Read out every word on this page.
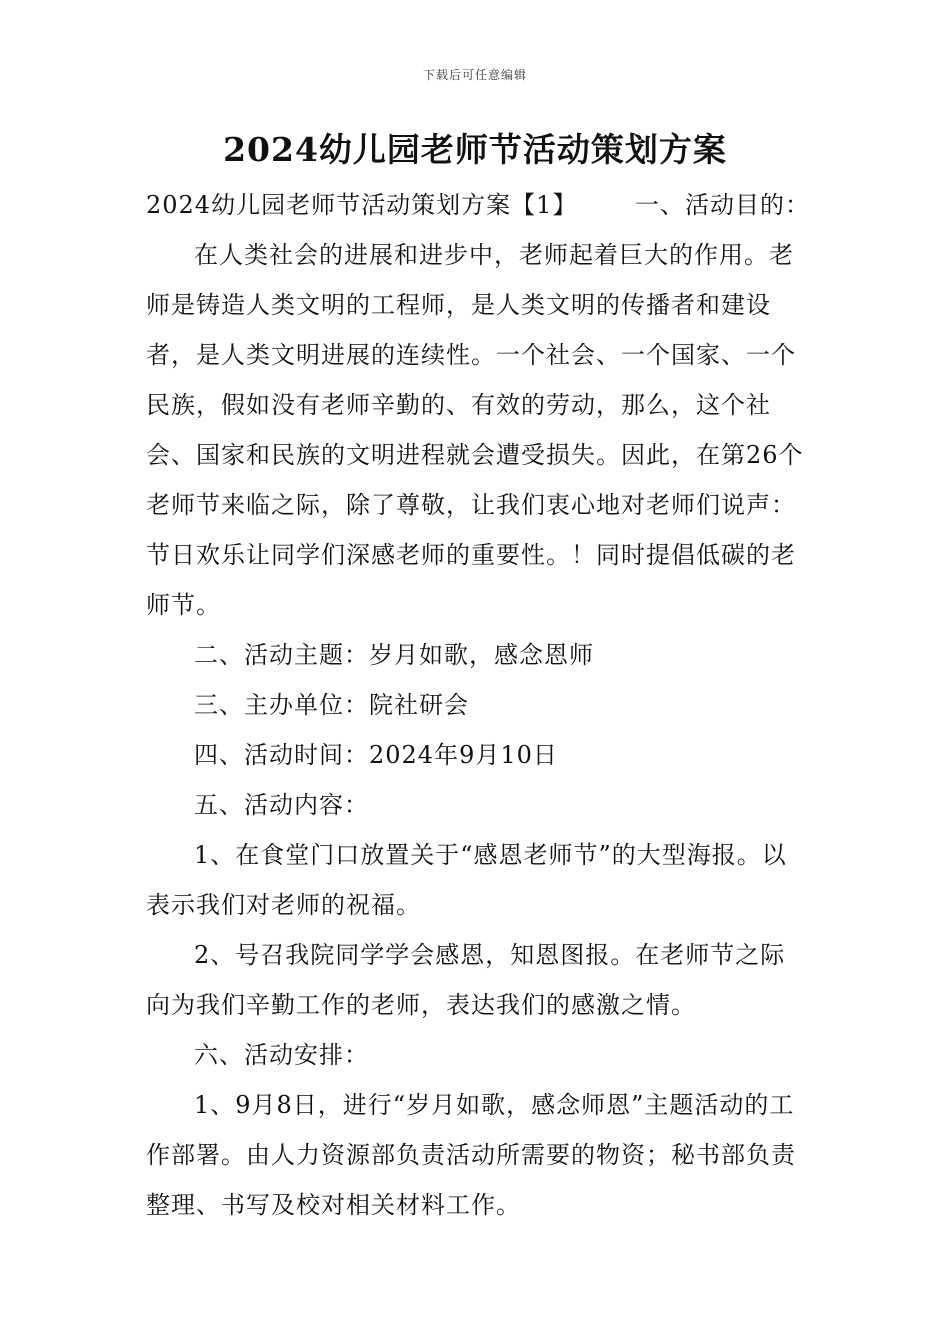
下载后可任意编辑
2024幼儿园老师节活动策划方案

2024幼儿园老师节活动策划方案【1】 一、活动目的：

在人类社会的进展和进步中，老师起着巨大的作用。老师是铸造人类文明的工程师，是人类文明的传播者和建设者，是人类文明进展的连续性。一个社会、一个国家、一个民族，假如没有老师辛勤的、有效的劳动，那么，这个社会、国家和民族的文明进程就会遭受损失。因此，在第26个老师节来临之际，除了尊敬，让我们衷心地对老师们说声：节日欢乐让同学们深感老师的重要性。！同时提倡低碳的老师节。

二、活动主题：岁月如歌，感念恩师

三、主办单位：院社研会

四、活动时间：2024年9月10日

五、活动内容：

1、在食堂门口放置关于“感恩老师节”的大型海报。以表示我们对老师的祝福。

2、号召我院同学学会感恩，知恩图报。在老师节之际向为我们辛勤工作的老师，表达我们的感激之情。

六、活动安排：

1、9月8日，进行“岁月如歌，感念师恩”主题活动的工作部署。由人力资源部负责活动所需要的物资；秘书部负责整理、书写及校对相关材料工作。
